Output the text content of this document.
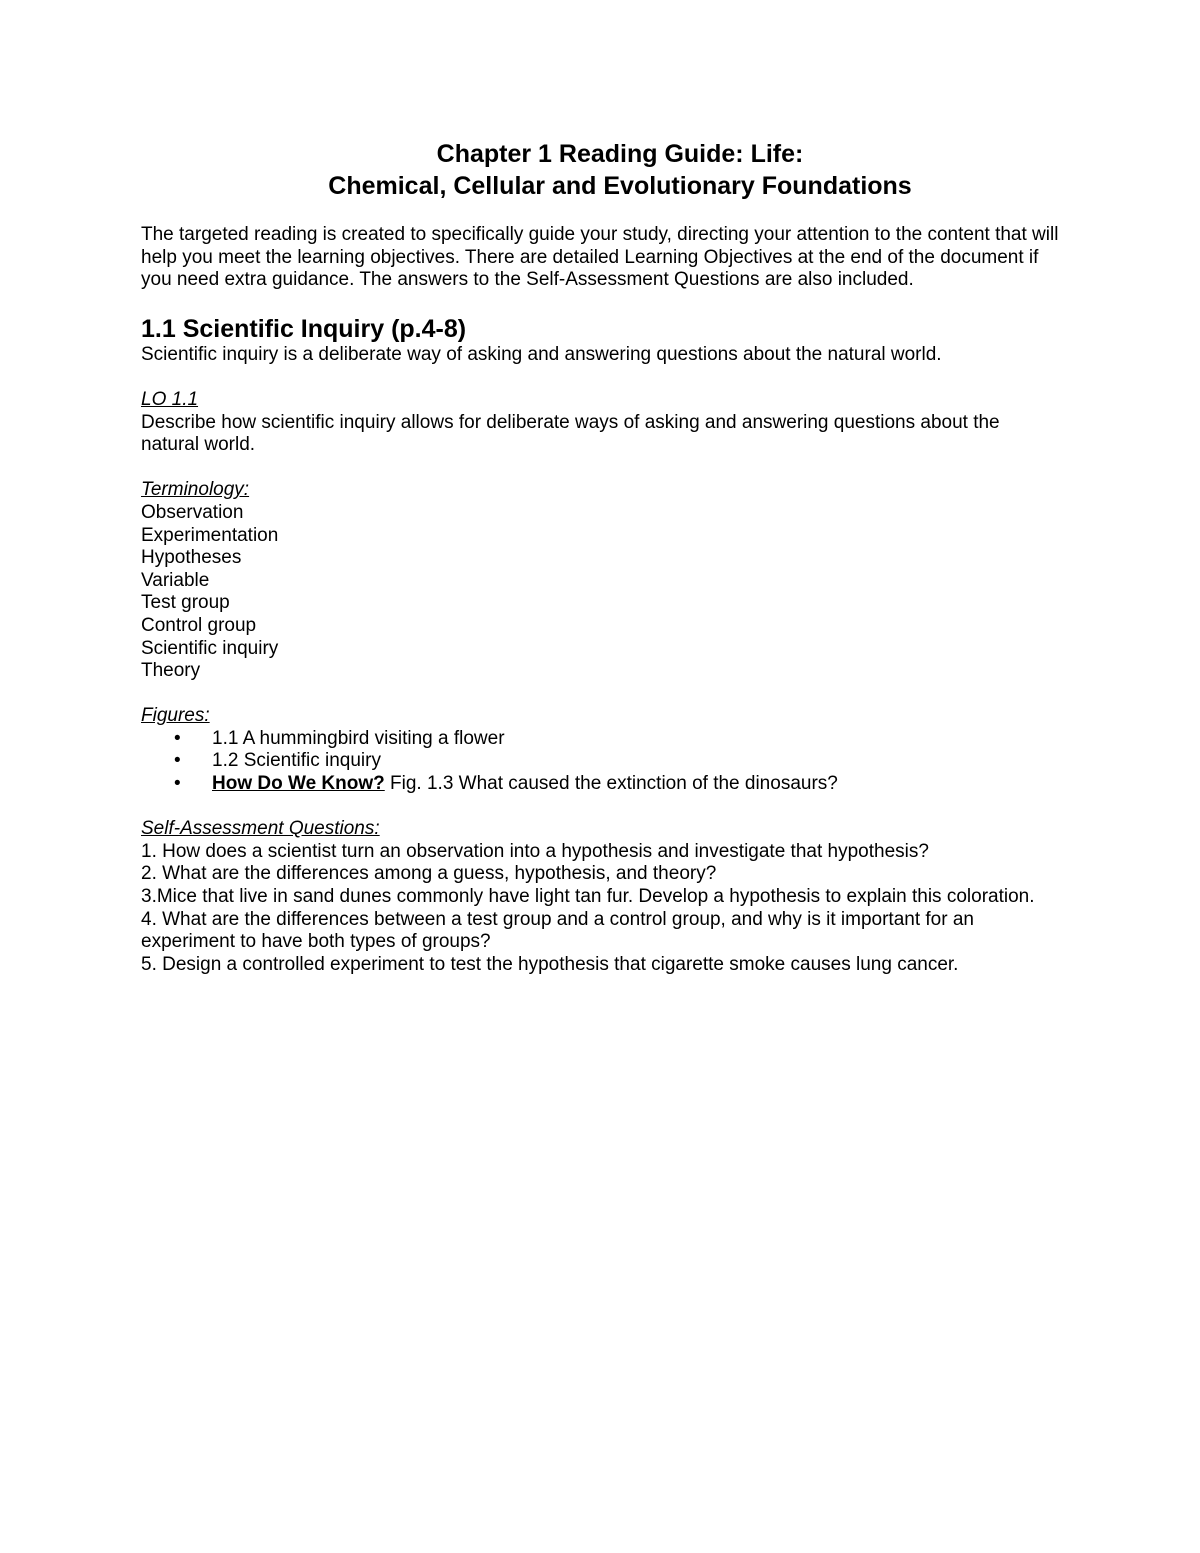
Chapter 1 Reading Guide: Life:
Chemical, Cellular and Evolutionary Foundations

The targeted reading is created to specifically guide your study, directing your attention to the content that will help you meet the learning objectives. There are detailed Learning Objectives at the end of the document if you need extra guidance. The answers to the Self-Assessment Questions are also included.

1.1 Scientific Inquiry (p.4-8)

Scientific inquiry is a deliberate way of asking and answering questions about the natural world.

LO 1.1
Describe how scientific inquiry allows for deliberate ways of asking and answering questions about the natural world.

Terminology:

Observation
Experimentation
Hypotheses
Variable
Test group
Control group
Scientific inquiry
Theory

Figures:

• 1.1 A hummingbird visiting a flower
• 1.2 Scientific inquiry
• How Do We Know? Fig. 1.3 What caused the extinction of the dinosaurs?

Self-Assessment Questions:

1. How does a scientist turn an observation into a hypothesis and investigate that hypothesis?
2. What are the differences among a guess, hypothesis, and theory?
3.Mice that live in sand dunes commonly have light tan fur. Develop a hypothesis to explain this coloration.
4. What are the differences between a test group and a control group, and why is it important for an experiment to have both types of groups?
5. Design a controlled experiment to test the hypothesis that cigarette smoke causes lung cancer.
